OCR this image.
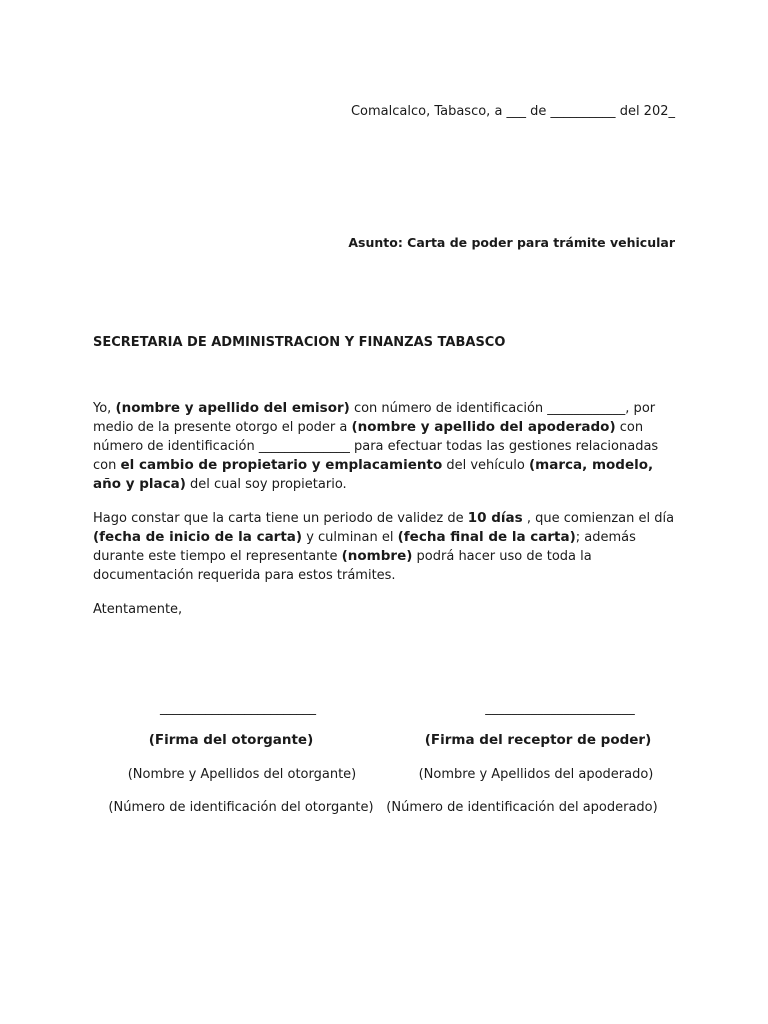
Comalcalco, Tabasco, a ___ de __________ del 202_
Asunto: Carta de poder para trámite vehicular
SECRETARIA DE ADMINISTRACION Y FINANZAS TABASCO
Yo, (nombre y apellido del emisor) con número de identificación ____________, por medio de la presente otorgo el poder a (nombre y apellido del apoderado) con número de identificación ______________ para efectuar todas las gestiones relacionadas con el cambio de propietario y emplacamiento del vehículo (marca, modelo, año y placa) del cual soy propietario.
Hago constar que la carta tiene un periodo de validez de 10 días , que comienzan el día (fecha de inicio de la carta) y culminan el (fecha final de la carta); además durante este tiempo el representante (nombre) podrá hacer uso de toda la documentación requerida para estos trámites.
Atentamente,
________________________
(Firma del otorgante)
(Nombre y Apellidos del otorgante)
(Número de identificación del otorgante)
_______________________
(Firma del receptor de poder)
(Nombre y Apellidos del apoderado)
(Número de identificación del apoderado)
